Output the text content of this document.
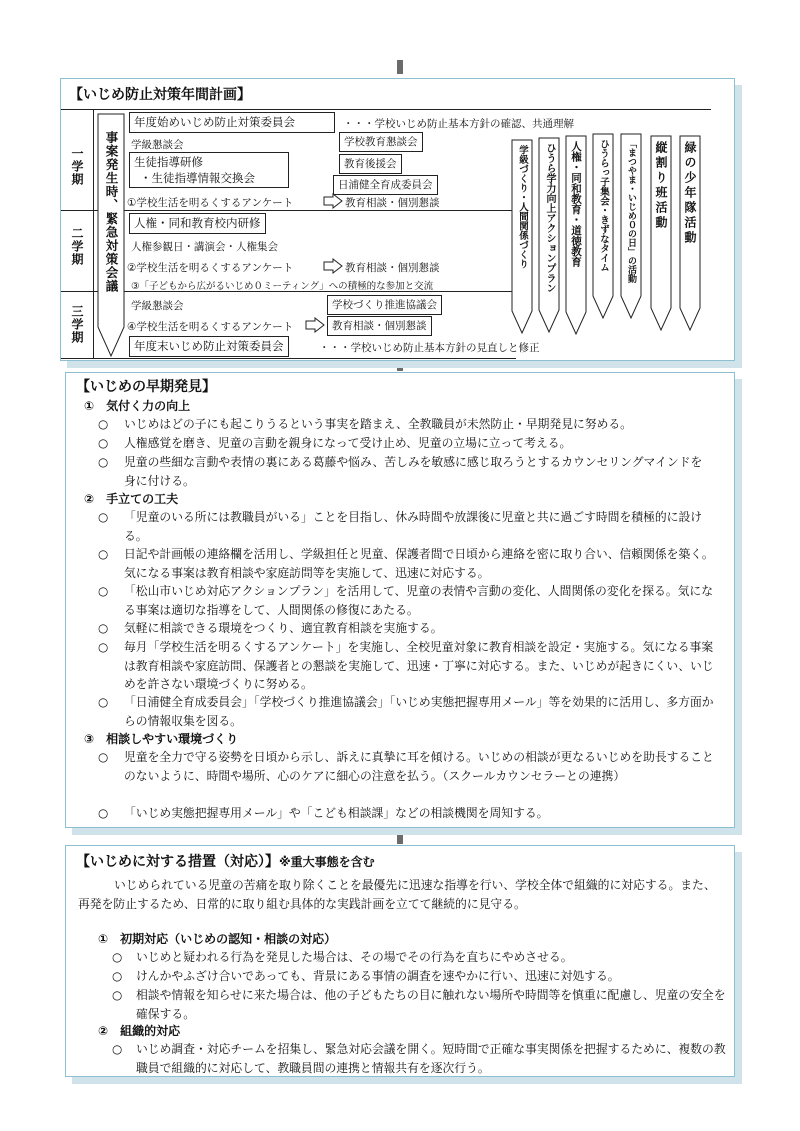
【いじめ防止対策年間計画】
一学期
二学期
三学期
事案発生時、緊急対策会議
年度始めいじめ防止対策委員会	・・・学校いじめ防止基本方針の確認、共通理解
学級懇談会	学校教育懇談会
生徒指導研修
・生徒指導情報交換会
教育後援会
日浦健全育成委員会
①学校生活を明るくするアンケート	教育相談・個別懇談
人権・同和教育校内研修
人権参観日・講演会・人権集会
②学校生活を明るくするアンケート	教育相談・個別懇談
③「子どもから広がるいじめ０ミーティング」への積極的な参加と交流
学級懇談会	学校づくり推進協議会
④学校生活を明るくするアンケート	教育相談・個別懇談
年度末いじめ防止対策委員会	・・・学校いじめ防止基本方針の見直しと修正
学級づくり・人間関係づくり	ひうら学力向上アクションプラン	人権・同和教育・道徳教育	ひうらっ子集会・きずなタイム	「まつやま・いじめ０の日」の活動	縦割り班活動	緑の少年隊活動
【いじめの早期発見】
①　気付く力の向上
○ いじめはどの子にも起こりうるという事実を踏まえ、全教職員が未然防止・早期発見に努める。
○ 人権感覚を磨き、児童の言動を親身になって受け止め、児童の立場に立って考える。
○ 児童の些細な言動や表情の裏にある葛藤や悩み、苦しみを敏感に感じ取ろうとするカウンセリングマインドを身に付ける。
②　手立ての工夫
○ 「児童のいる所には教職員がいる」ことを目指し、休み時間や放課後に児童と共に過ごす時間を積極的に設ける。
○ 日記や計画帳の連絡欄を活用し、学級担任と児童、保護者間で日頃から連絡を密に取り合い、信頼関係を築く。気になる事案は教育相談や家庭訪問等を実施して、迅速に対応する。
○ 「松山市いじめ対応アクションプラン」を活用して、児童の表情や言動の変化、人間関係の変化を探る。気になる事案は適切な指導をして、人間関係の修復にあたる。
○ 気軽に相談できる環境をつくり、適宜教育相談を実施する。
○ 毎月「学校生活を明るくするアンケート」を実施し、全校児童対象に教育相談を設定・実施する。気になる事案は教育相談や家庭訪問、保護者との懇談を実施して、迅速・丁寧に対応する。また、いじめが起きにくい、いじめを許さない環境づくりに努める。
○ 「日浦健全育成委員会」「学校づくり推進協議会」「いじめ実態把握専用メール」等を効果的に活用し、多方面からの情報収集を図る。
③　相談しやすい環境づくり
○ 児童を全力で守る姿勢を日頃から示し、訴えに真摯に耳を傾ける。いじめの相談が更なるいじめを助長することのないように、時間や場所、心のケアに細心の注意を払う。（スクールカウンセラーとの連携）
○ 「いじめ実態把握専用メール」や「こども相談課」などの相談機関を周知する。
【いじめに対する措置（対応）】※重大事態を含む
いじめられている児童の苦痛を取り除くことを最優先に迅速な指導を行い、学校全体で組織的に対応する。また、再発を防止するため、日常的に取り組む具体的な実践計画を立てて継続的に見守る。
①　初期対応（いじめの認知・相談の対応）
○ いじめと疑われる行為を発見した場合は、その場でその行為を直ちにやめさせる。
○ けんかやふざけ合いであっても、背景にある事情の調査を速やかに行い、迅速に対処する。
○ 相談や情報を知らせに来た場合は、他の子どもたちの目に触れない場所や時間等を慎重に配慮し、児童の安全を確保する。
②　組織的対応
○ いじめ調査・対応チームを招集し、緊急対応会議を開く。短時間で正確な事実関係を把握するために、複数の教職員で組織的に対応して、教職員間の連携と情報共有を逐次行う。
